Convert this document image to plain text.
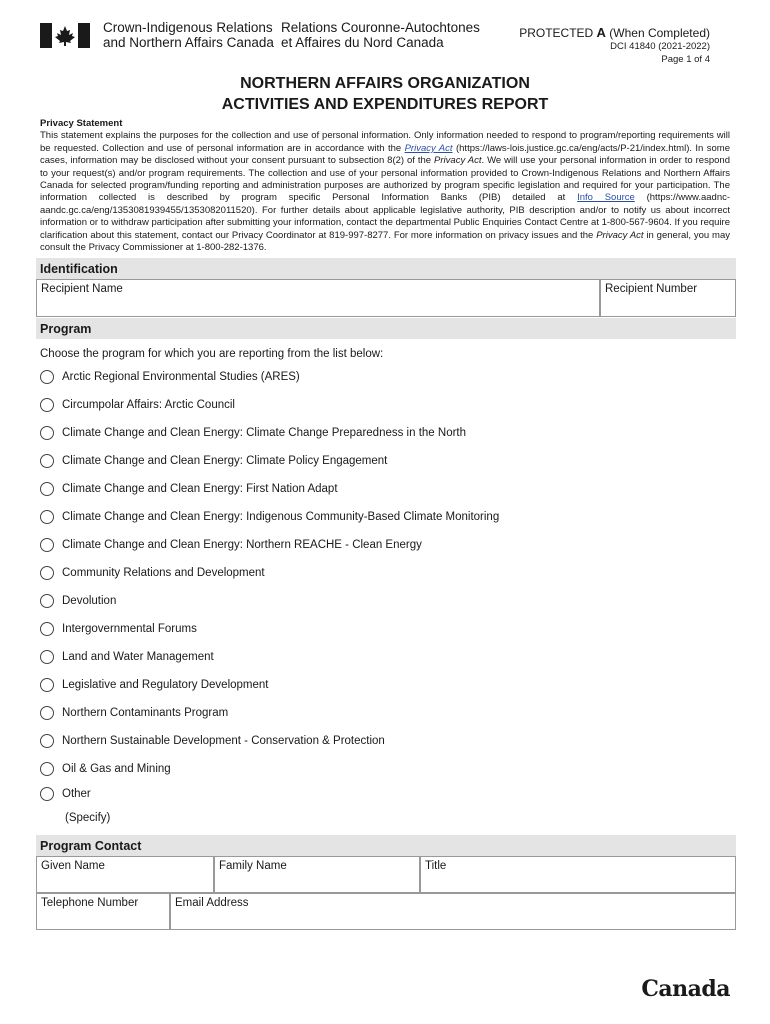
Crown-Indigenous Relations
and Northern Affairs Canada
Relations Couronne-Autochtones
et Affaires du Nord Canada
PROTECTED A (When Completed)
DCI 41840 (2021-2022)
Page 1 of 4
NORTHERN AFFAIRS ORGANIZATION
ACTIVITIES AND EXPENDITURES REPORT
Privacy Statement
This statement explains the purposes for the collection and use of personal information. Only information needed to respond to program/reporting requirements will be requested. Collection and use of personal information are in accordance with the Privacy Act (https://laws-lois.justice.gc.ca/eng/acts/P-21/index.html). In some cases, information may be disclosed without your consent pursuant to subsection 8(2) of the Privacy Act. We will use your personal information in order to respond to your request(s) and/or program requirements. The collection and use of your personal information provided to Crown-Indigenous Relations and Northern Affairs Canada for selected program/funding reporting and administration purposes are authorized by program specific legislation and required for your participation. The information collected is described by program specific Personal Information Banks (PIB) detailed at Info Source (https://www.aadnc-aandc.gc.ca/eng/1353081939455/1353082011520). For further details about applicable legislative authority, PIB description and/or to notify us about incorrect information or to withdraw participation after submitting your information, contact the departmental Public Enquiries Contact Centre at 1-800-567-9604. If you require clarification about this statement, contact our Privacy Coordinator at 819-997-8277. For more information on privacy issues and the Privacy Act in general, you may consult the Privacy Commissioner at 1-800-282-1376.
Identification
Recipient Name	Recipient Number
Program
Choose the program for which you are reporting from the list below:
Arctic Regional Environmental Studies (ARES)
Circumpolar Affairs: Arctic Council
Climate Change and Clean Energy: Climate Change Preparedness in the North
Climate Change and Clean Energy: Climate Policy Engagement
Climate Change and Clean Energy: First Nation Adapt
Climate Change and Clean Energy: Indigenous Community-Based Climate Monitoring
Climate Change and Clean Energy: Northern REACHE - Clean Energy
Community Relations and Development
Devolution
Intergovernmental Forums
Land and Water Management
Legislative and Regulatory Development
Northern Contaminants Program
Northern Sustainable Development - Conservation & Protection
Oil & Gas and Mining
Other
(Specify)
Program Contact
Given Name	Family Name	Title
Telephone Number	Email Address
Canada
